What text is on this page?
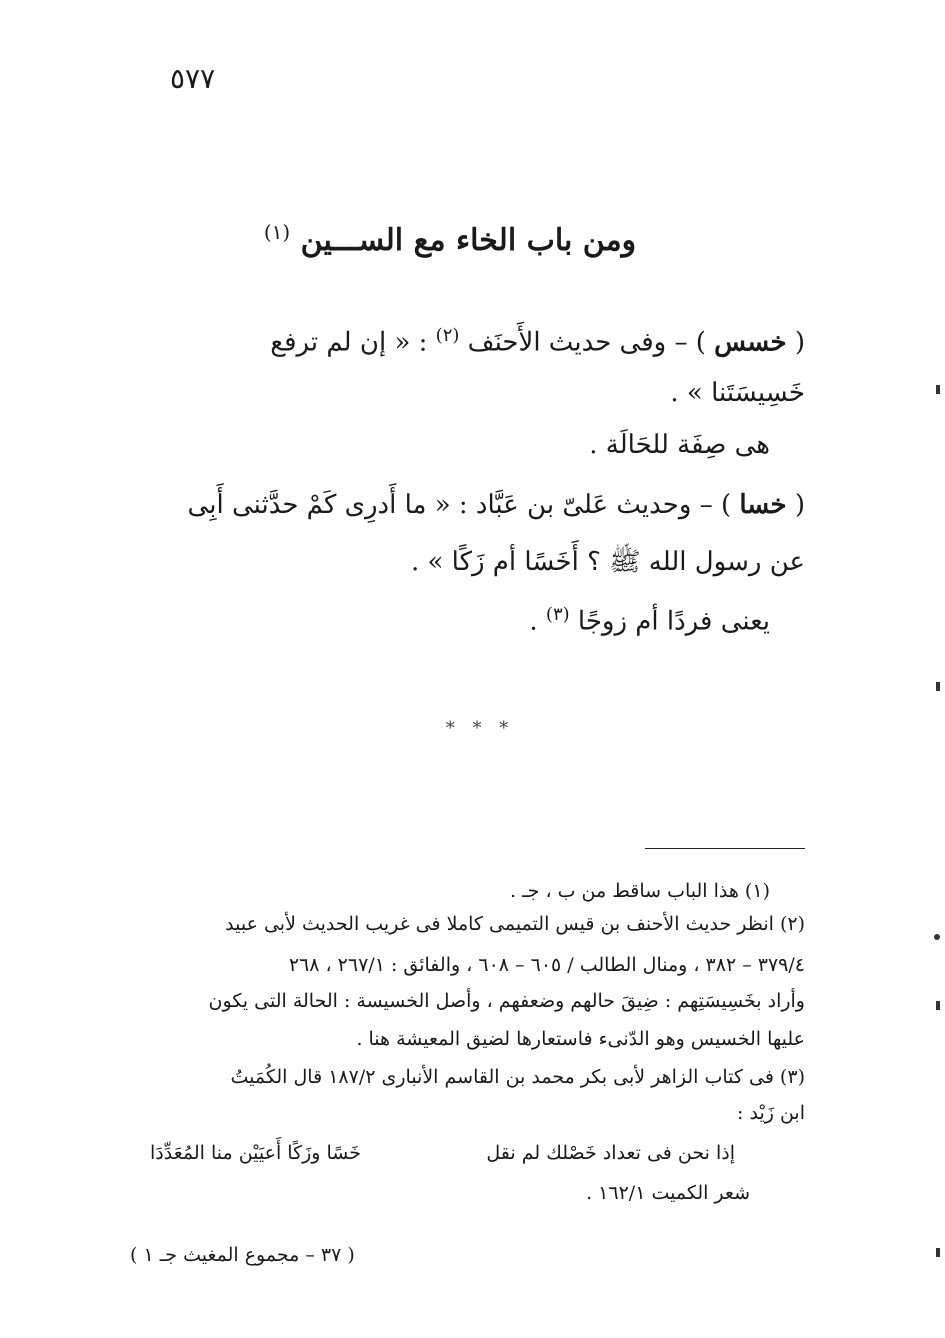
٥٧٧
ومن باب الخاء مع الســـين $^{(١)}$
( خسس ) – وفى حديث الأَحنَف $^{(٢)}$ : « إن لم ترفع
خَسِيسَتَنا » .
هى صِفَة للحَالَة .
( خسا ) – وحديث عَلىّ بن عَبَّاد : « ما أَدرِى كَمْ حدَّثنى أَبِى
عن رسول الله ﷺ ؟ أَخَسًا أم زَكًا » .
يعنى فردًا أم زوجًا $^{(٣)}$ .
* * *
(١) هذا الباب ساقط من ب ، جـ .
(٢) انظر حديث الأحنف بن قيس التميمى كاملا فى غريب الحديث لأبى عبيد
٣٧٩/٤ – ٣٨٢ ، ومنال الطالب / ٦٠٥ – ٦٠٨ ، والفائق : ٢٦٧/١ ، ٢٦٨
وأراد بخَسِيسَتِهم : ضِيقَ حالهم وضعفهم ، وأصل الخسيسة : الحالة التى يكون
عليها الخسيس وهو الدّنىء فاستعارها لضيق المعيشة هنا .
(٣) فى كتاب الزاهر لأبى بكر محمد بن القاسم الأنبارى ١٨٧/٢ قال الكُمَيتُ
ابن زَيْد :
إذا نحن فى تعداد خَصْلك لم نقل
خَسًا وزَكًا أَعيَيْن منا المُعَدِّدَا
شعر الكميت ١٦٢/١ .
( ٣٧ – مجموع المغيث جـ ١ )
